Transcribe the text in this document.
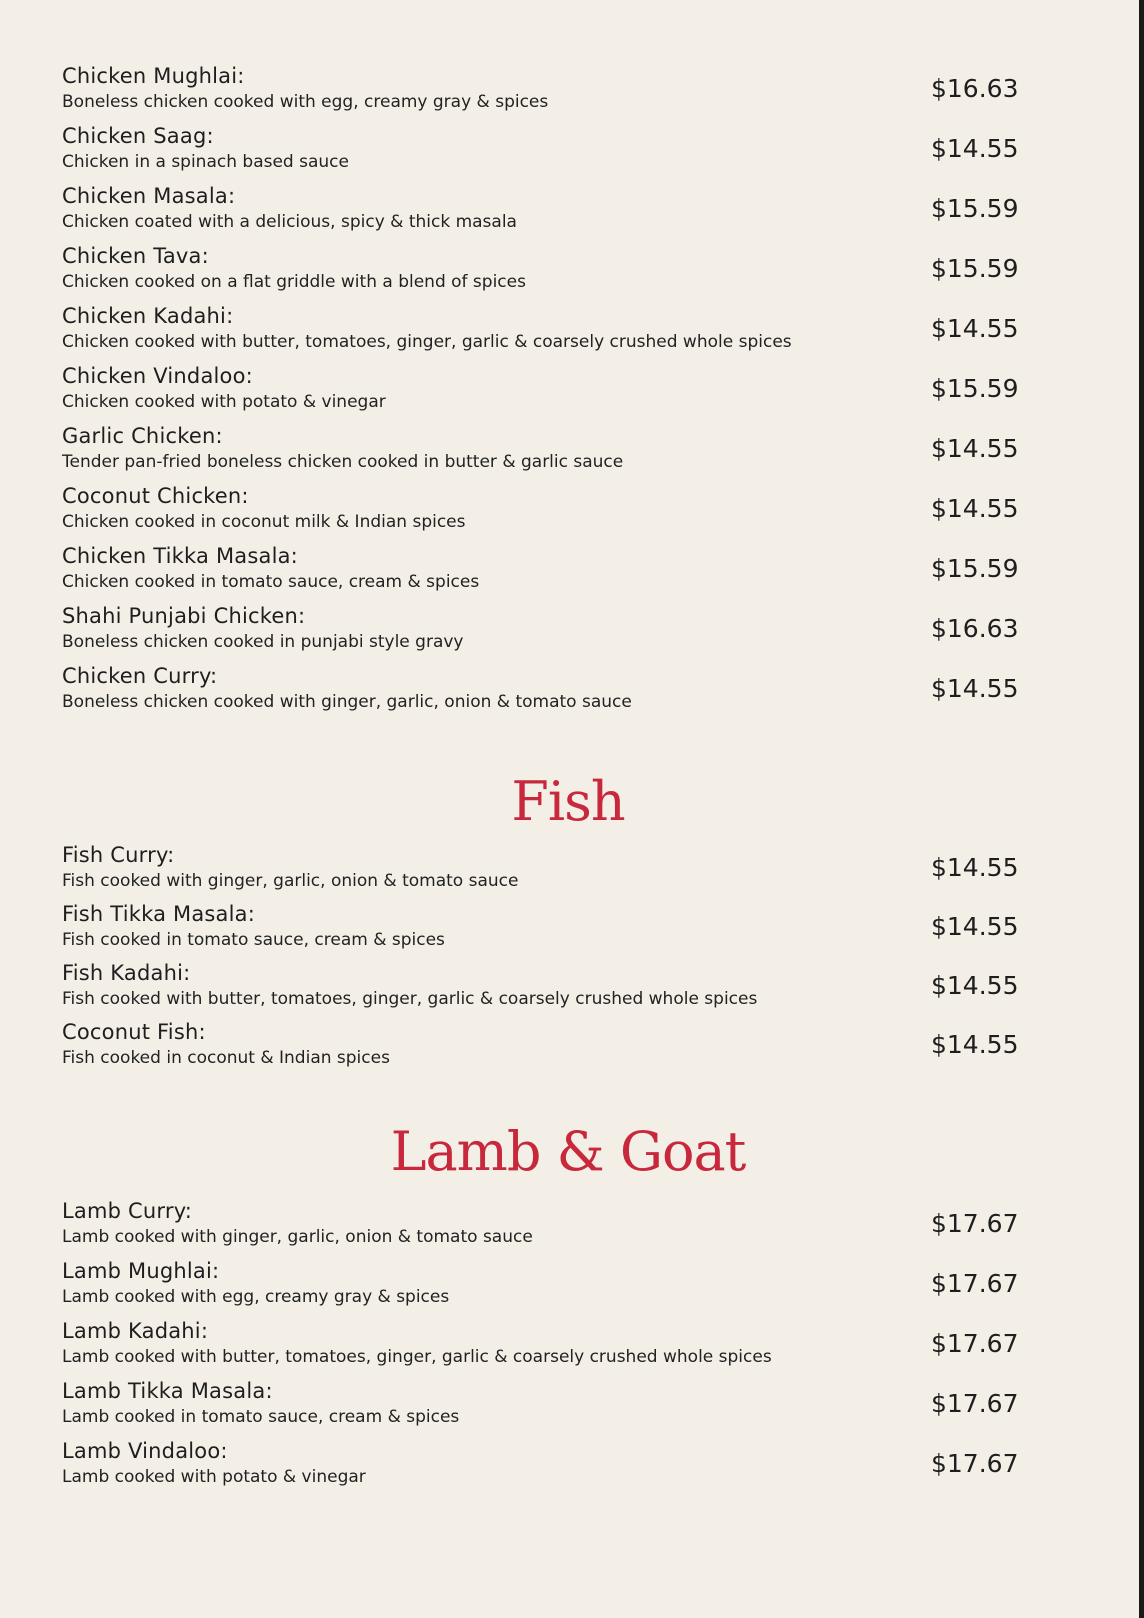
Fish
Lamb & Goat
Chicken Mughlai:
Boneless chicken cooked with egg, creamy gray & spices	$16.63
Chicken Saag:
Chicken in a spinach based sauce	$14.55
Chicken Masala:
Chicken coated with a delicious, spicy & thick masala	$15.59
Chicken Tava:
Chicken cooked on a flat griddle with a blend of spices	$15.59
Chicken Kadahi:
Chicken cooked with butter, tomatoes, ginger, garlic & coarsely crushed whole spices	$14.55
Chicken Vindaloo:
Chicken cooked with potato & vinegar	$15.59
Garlic Chicken:
Tender pan-fried boneless chicken cooked in butter & garlic sauce	$14.55
Coconut Chicken:
Chicken cooked in coconut milk & Indian spices	$14.55
Chicken Tikka Masala:
Chicken cooked in tomato sauce, cream & spices	$15.59
Shahi Punjabi Chicken:
Boneless chicken cooked in punjabi style gravy	$16.63
Chicken Curry:
Boneless chicken cooked with ginger, garlic, onion & tomato sauce	$14.55
Fish Curry:
Fish cooked with ginger, garlic, onion & tomato sauce	$14.55
Fish Tikka Masala:
Fish cooked in tomato sauce, cream & spices	$14.55
Fish Kadahi:
Fish cooked with butter, tomatoes, ginger, garlic & coarsely crushed whole spices	$14.55
Coconut Fish:
Fish cooked in coconut & Indian spices	$14.55
Lamb Curry:
Lamb cooked with ginger, garlic, onion & tomato sauce	$17.67
Lamb Mughlai:
Lamb cooked with egg, creamy gray & spices	$17.67
Lamb Kadahi:
Lamb cooked with butter, tomatoes, ginger, garlic & coarsely crushed whole spices	$17.67
Lamb Tikka Masala:
Lamb cooked in tomato sauce, cream & spices	$17.67
Lamb Vindaloo:
Lamb cooked with potato & vinegar	$17.67
